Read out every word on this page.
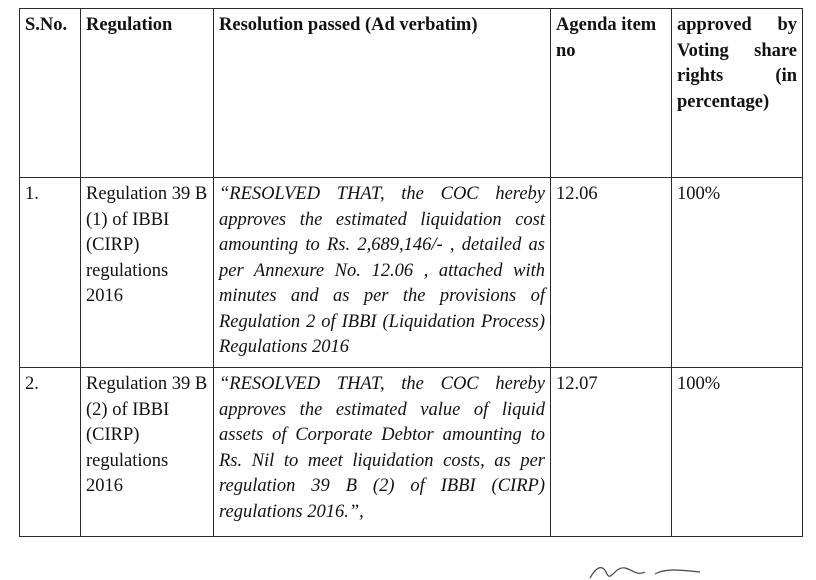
S.No.	Regulation	Resolution passed (Ad verbatim)	Agenda item no	approved by Voting share rights (in percentage)
1.	Regulation 39 B (1) of IBBI (CIRP) regulations 2016	“RESOLVED THAT, the COC hereby approves the estimated liquidation cost amounting to Rs. 2,689,146/- , detailed as per Annexure No. 12.06 , attached with minutes and as per the provisions of Regulation 2 of IBBI (Liquidation Process) Regulations 2016	12.06	100%
2.	Regulation 39 B (2) of IBBI (CIRP) regulations 2016	“RESOLVED THAT, the COC hereby approves the estimated value of liquid assets of Corporate Debtor amounting to Rs. Nil to meet liquidation costs, as per regulation 39 B (2) of IBBI (CIRP) regulations 2016.”,	12.07	100%
